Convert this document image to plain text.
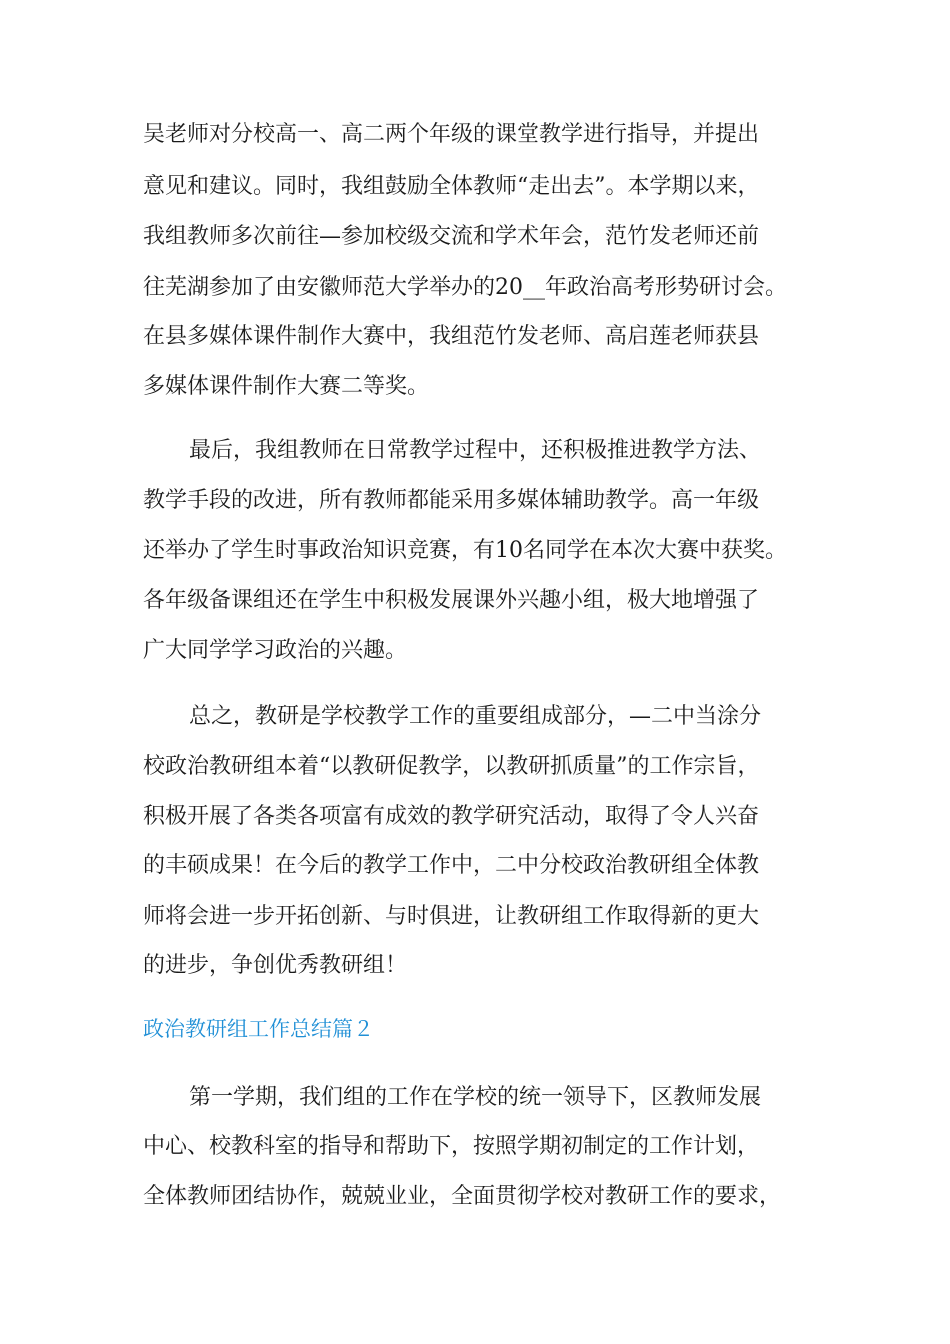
吴老师对分校高一、高二两个年级的课堂教学进行指导，并提出
意见和建议。同时，我组鼓励全体教师“走出去”。本学期以来，
我组教师多次前往—参加校级交流和学术年会，范竹发老师还前
往芜湖参加了由安徽师范大学举办的20__年政治高考形势研讨会。
在县多媒体课件制作大赛中，我组范竹发老师、高启莲老师获县
多媒体课件制作大赛二等奖。
最后，我组教师在日常教学过程中，还积极推进教学方法、
教学手段的改进，所有教师都能采用多媒体辅助教学。高一年级
还举办了学生时事政治知识竞赛，有10名同学在本次大赛中获奖。
各年级备课组还在学生中积极发展课外兴趣小组，极大地增强了
广大同学学习政治的兴趣。
总之，教研是学校教学工作的重要组成部分，—二中当涂分
校政治教研组本着“以教研促教学，以教研抓质量”的工作宗旨，
积极开展了各类各项富有成效的教学研究活动，取得了令人兴奋
的丰硕成果！在今后的教学工作中，二中分校政治教研组全体教
师将会进一步开拓创新、与时俱进，让教研组工作取得新的更大
的进步，争创优秀教研组！
政治教研组工作总结篇２
第一学期，我们组的工作在学校的统一领导下，区教师发展
中心、校教科室的指导和帮助下，按照学期初制定的工作计划，
全体教师团结协作，兢兢业业，全面贯彻学校对教研工作的要求，
